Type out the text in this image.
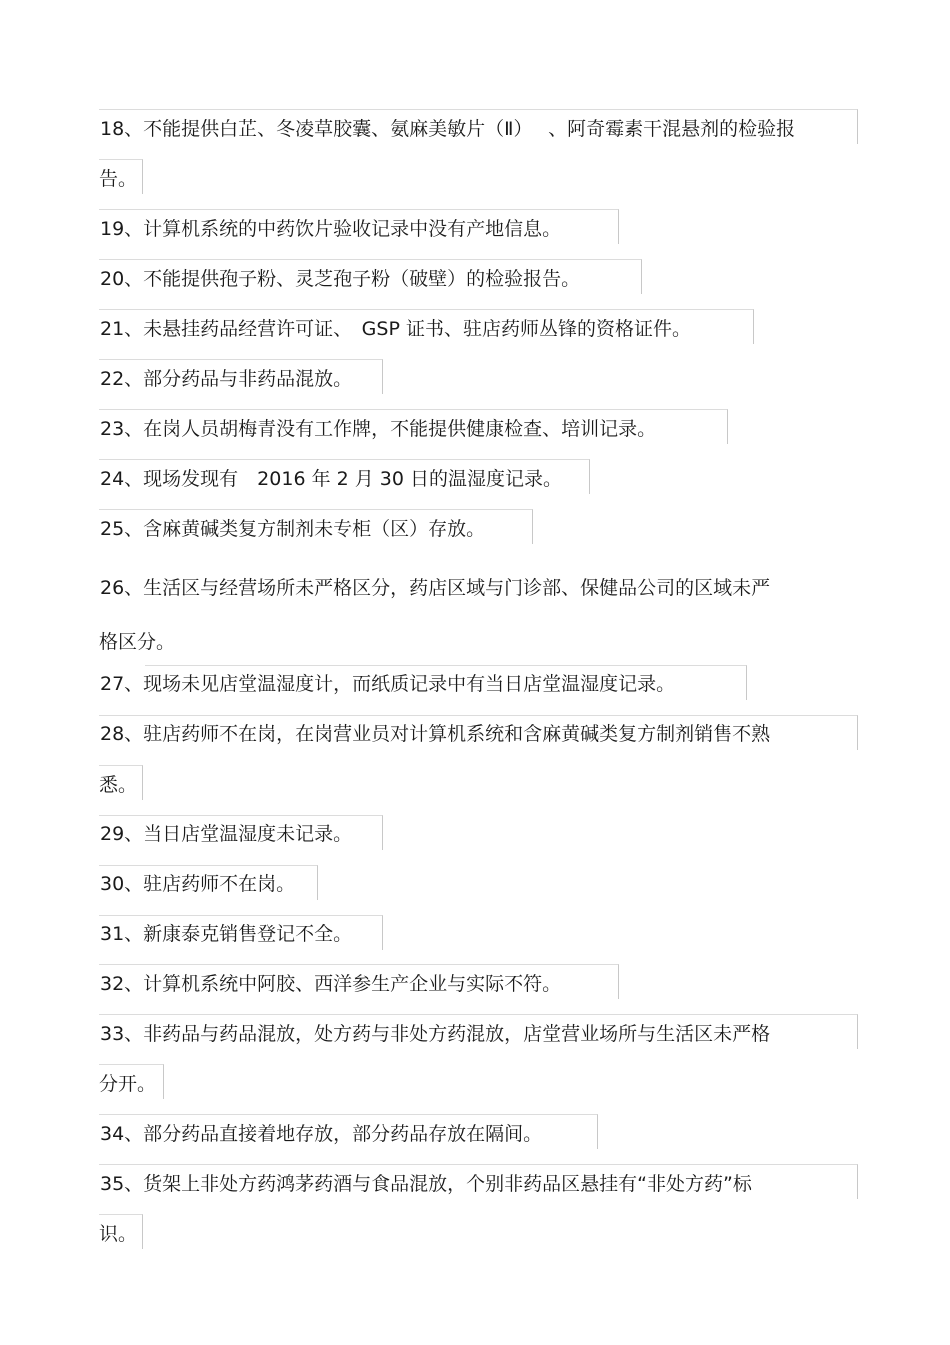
18、不能提供白芷、冬凌草胶囊、氨麻美敏片（Ⅱ）　 、阿奇霉素干混悬剂的检验报
告。
19、计算机系统的中药饮片验收记录中没有产地信息。
20、不能提供孢子粉、灵芝孢子粉（破壁）的检验报告。
21、未悬挂药品经营许可证、　GSP 证书、驻店药师丛锋的资格证件。
22、部分药品与非药品混放。
23、在岗人员胡梅青没有工作牌，不能提供健康检查、培训记录。
24、现场发现有　2016 年 2 月 30 日的温湿度记录。
25、含麻黄碱类复方制剂未专柜（区）存放。
26、生活区与经营场所未严格区分，药店区域与门诊部、保健品公司的区域未严
格区分。
27、现场未见店堂温湿度计，而纸质记录中有当日店堂温湿度记录。
28、驻店药师不在岗，在岗营业员对计算机系统和含麻黄碱类复方制剂销售不熟
悉。
29、当日店堂温湿度未记录。
30、驻店药师不在岗。
31、新康泰克销售登记不全。
32、计算机系统中阿胶、西洋参生产企业与实际不符。
33、非药品与药品混放，处方药与非处方药混放，店堂营业场所与生活区未严格
分开。
34、部分药品直接着地存放，部分药品存放在隔间。
35、货架上非处方药鸿茅药酒与食品混放，个别非药品区悬挂有“非处方药”标
识。
